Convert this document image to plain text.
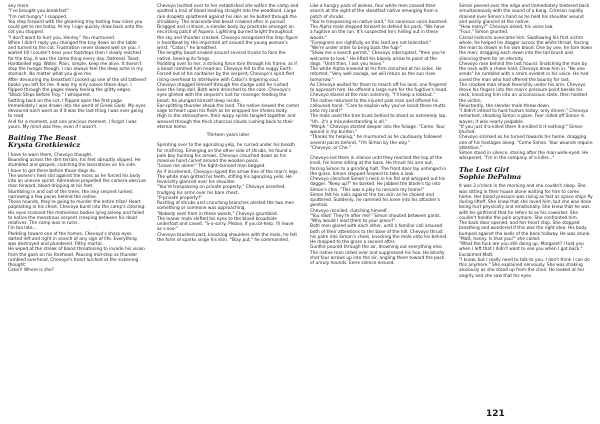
any more.

"I've brought you breakfast"

"I'm not hungry" I snapped.

You step forward with the gleaming tray testing how close you could get to me today. At my I sign quickly draw back onto the cot you stopped.

"I don't want to hurt you, Henley." You murmured.

When I didn't reply you changed the tray down on the table and turned to the cot. Frustration never slowed well on you. I waited till I couldn't hear your footsteps then I slowly reached for the tray, it was the same thing every day. Oatmeal. Toast. Hardboiled egg. Water. Plain, simple, keep me alive. It doesn't stop the hunger though. I can always feel the deep ache in my stomach. No matter what you give me.

After devouring my breakfast I picked up one of the old tattered books you left for me. It was my only solace these days. I flipped through the pages slowly feeling the gritty edges.

"Black Ships Before Troy," I whispered.

Settling back on the cot, I flipped open the first page. Immediately I was drawn into the world of Greek Gods. My eyes devoured each word as if it was the last thing I was ever going to read.

And for a moment, just one precious moment, I forgot I was yours. My mind was free, even if I wasn't.

Baiting The Beast
Krysta Grotkiewicz

I have to warn them, Chevoyo thought.

Bounding across the dim terrain, his feet abruptly slipped. He stumbled and gasped, clutching the lacerations on his side.

I have to get there before those dogs do.

The wolves's heel slid against the moss as he forced his body into an uneven sprint. Adrenaline propelled the camera-obscure man forward, blood dripping at his feet.

Stumbling in and out of the trees, the inky serpent lurked, narrowing a few paces behind the native.

Those hounds, they're going to murder the entire tribe! Heart palpitating in his chest, Chevoyo burst into the camp's clearing. His eyes scanned the motionless bodies lying asleep and failed to notice the monstrous serpent creeping between his dead relatives. The camp was in ruins.

I'm too late...

Plodding toward one of the homes, Chevoyo's sharp eyes darted left and right in search of any sign of life. Everything was destroyed and plundered. Filthy mortal.

He wiped at the streak of blood threatening to invade his vision from the gash on his forehead. Pausing mid-step as thunder rumbled overhead, Chevoyo's heart lurched at the sickening thought:

Catori! Where is she?

Chevoyo hurtled over to her established site within the camp and spotted a trail of blood leading straight into the woodland. Large rain droplets splattered against his skin as he bolted through the shrubbery. The anaconda-like beast crawled after in pursuit.

Dragged and crimson, a slender body lay prostrate amongst an encircling patch of Aquera. Lightning burned bright throughout the sky and thunder cracked. Chevoyo recognized the limp figure is heartbeat by the imprinted art around the young woman's wrist. "Catori," he breathed.

The lengthy beast snaked around several trunks to face the native, bearing its fangs.

Paddling over to her, a striking force tore through his frame, as if a beast rammed him head-on. Chevoyo fell to the soggy Earth. Forced out of his container by the serpent; Chevoyo's spirit fled rising overhead to intertwine with Catori's lingering soul.

Chevoyo dragged himself through the sludge until he rushed over the limp doll. Both were drenched to the core. Chevoyo's eyes glinted with the serpent's lust for revenge; feeding the beast, he plunged himself deep inside.

Ear-splitting thunder shook the land. The native slowed the camel sage to heart upon his flesh as he wrapped her lifeless body.

High in the atmosphere, their wispy spirits tangled together and weaved through the thick charcoal clouds rushing back to their eternal home.

Thirteen years later

Sprinting over to the agonizing yelp, he cursed under his breath for misfiring. Emerging on the other side of shrubs, he found a pale boy hunting his arrows. Chevoyo crouched down as his massive hand curled around the wooden piece.

"Leave me alone!" The tight-skinned man begged.

As if incoherent, Chevoyo ripped the arrow free of the man's legs.

The white man gritted his teeth, stifling his agonizing yells. He feverishly glanced over his shoulder.

"You're trespassing on private property," Chevoyo asserted, trudging his arms over his bare chest.

"P-private property?"

Rustling of shrubs and crunching branches alerted the two men something or someone was approaching.

"Nobody sent from in these woods," Chevoyo grumbled.

The leaner male shifted his eyes to the blood broadside underfoot and caved. "S-o-sorry. Please, If you bl-help. I'll leave as s-soo-"

Chevoyo brushed past, knocking shoulders with the male, he felt the form of sparks singe his skin. "Stay put," he commanded.

Like a hungry pack of wolves, four white men ceased their search at the sight of the steadfast native emerging from a patch of shrubs.

"You're trespassing on native land," his sonorous voice boomed.

The Alpha male stepped forward to defend his pack, "We have a fugitive on the run. It's suspected he's hiding out in these woods."

"Foreigners are rightfully on this land are not tolerated."

"We're under order to bring back the fugi-"

"Show me a search permit," Chevoyo interrupted, "then you're welcome to look." He lifted his bloody arrow to point at the dogs. "Until then, I ask you leave."

The white Alpha sneered at his firm clenched at his sides. He retorted, "Very well savage, we will return as the sun rises tomorrow."

As Chevoyo waited for them to march off his land, one fingered to approach him. He offered a large sum for the fugitive's head. Chevoyo stared at the man solemnly, "I'll keep a lookout."

The native returned to the injured pale man and offered his calloused hand. "Care to explain why you've laced those mutts onto my land?"

The male used the tree trunk behind to stand as extremely lap. "Uh...it's a misunderstanding is all."

"Mmph." Chevoyo started deeper into the foliage. "Come. Your wound is my burden."

"Thanks for helping," he murmured as he cautiously followed several paces behind, "I'm Simon by the way."

"Chevoyo, or Che."

Chevoyo led them in silence until they reached the top of the knoll, his home sitting at the base. He thrust his arm out, forcing Simon to a grinding halt. The front door lay unhinged in the grass. Simon stepped forward to take a look.

Chevoyo clenched Simon's neck in his fist and whipped out his dagger. "Keep up?" he barked. He jabbed the blade's tip into Simon's chin. "This was a ploy to ransack my home!"

Simon felt his nails against the tan skin as he choked and sputtered. Suddenly, he rammed his knee into his attacker's genitals.

Chevoyo recoiled, clutching himself.

"You idiot! They're after me!" Simon shouted between pants. "Why would I lead them to your place?"

Both men glared with each other, until a familiar call aroused both of their attentions to the base of the hill. Chevoyo thrust his palm into Simon's chest, knocking the male onto his behind. He dropped to the grass a second after.

Gunfire poured through the air, drowning out everything else.

The native man rolled over and suppressed his hoo. He blindly shot four arrows up into the air, angling them toward the pack of unruly hounds. Eerie silence ensued.

Simon peered over the edge and immediately teetered back simultaneously with the sound of a bang. Crimson rapidly drained over Simon's hand as he held his shoulder wound and warily glanced at the native.

"How many?" Chevoyo asked, his voice low.

"Four," Simon grunted.

Carnal instincts overcame him. Swallowing his first victim whole, he helped his dagger across the white throat, forcing the man to drown in his own blood. One by one, he tore down the men; dragging each down into the tall brush and silencing them for an eternity.

Chevoyo rose behind the last hound. Snatching the man by the neck with a choke hold, Chevoyo drew him in. "No one sends" he rumbled with a smirk evident in his voice. He had saved the man who had offered the bounty for last.

The crooked man shook feverishly under his arm. Chevoyo drove his fingers into the man's pressure point beside his neck, knocking him into an unconscious state, then hoisted the victim.

Reluctantly, the slender male threw down.

"I didn't intend to hunt human today, only dinner," Chevoyo remarked, shooting Simon a glare. Fear rolled off Simon in waves; it was nearly palpable.

"If you just it-a-killed them it-a-killed it it-nothing!" Simon blurted.

Chevoyo smirked as he turned towards his home, dragging one of his hostages along. "Come Simon. Your wounds require attention."

Simon stood in silence, staring after the man wide-eyed. He whispered, "I'm in the company of a killer..."

The Lost Girl
Sophie DePalma

It was 3 o'clock in the morning and she couldn't sleep. She was sitting in their house alone waiting for him to come home. Her blood pressure was rising as fast as space ships fly during liftoff. She knew that she loved him, but she was done being hurt physically and emotionally. She knew that he was with his girlfriend that he refers to as his coworker. She couldn't handle the pain anymore. She confronted him.

The back door opened, and her heart stop. She stopped breathing and wondered if this was the right idea. His body bumped against the walls of the back hallway. He was drunk.

"Matt, honey. Is that you?" she called.

"What the fuck are you still doing up, Margaret? I told you when I left that I didn't want to see you when I got back." Exclaimed Matt.

"I know, but I really need to talk to you. I don't think I can do this anymore." She explained nervously. She was shaking anxiously as she stood up from the chair. He looked at her angrily and she saw that his eyes

121
